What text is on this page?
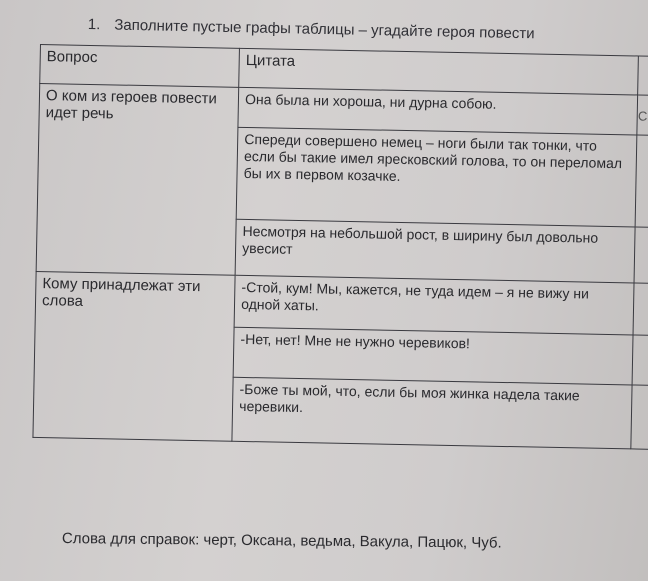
1. Заполните пустые графы таблицы – угадайте героя повести
Вопрос	Цитата	
О ком из героев повести идет речь	Она была ни хороша, ни дурна собою.	С
	Спереди совершено немец – ноги были так тонки, что если бы такие имел яресковский голова, то он переломал бы их в первом козачке.	
	Несмотря на небольшой рост, в ширину был довольно увесист	
Кому принадлежат эти слова	-Стой, кум! Мы, кажется, не туда идем – я не вижу ни одной хаты.	
	-Нет, нет! Мне не нужно черевиков!	
	-Боже ты мой, что, если бы моя жинка надела такие черевики.	
Слова для справок: черт, Оксана, ведьма, Вакула, Пацюк, Чуб.
